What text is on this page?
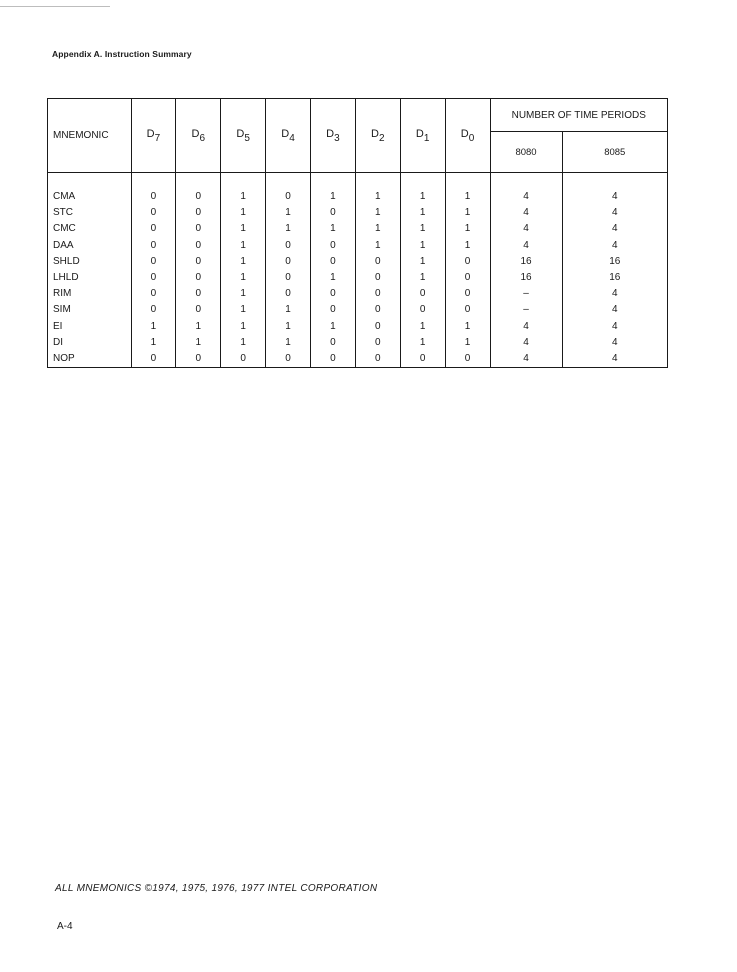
Appendix A. Instruction Summary
MNEMONIC	$D_7$	$D_6$	$D_5$	$D_4$	$D_3$	$D_2$	$D_1$	$D_0$	NUMBER OF TIME PERIODS	
									8080	8085

CMA	0	0	1	0	1	1	1	1	4	4
STC	0	0	1	1	0	1	1	1	4	4
CMC	0	0	1	1	1	1	1	1	4	4
DAA	0	0	1	0	0	1	1	1	4	4
SHLD	0	0	1	0	0	0	1	0	16	16
LHLD	0	0	1	0	1	0	1	0	16	16
RIM	0	0	1	0	0	0	0	0	–	4
SIM	0	0	1	1	0	0	0	0	–	4
EI	1	1	1	1	1	0	1	1	4	4
DI	1	1	1	1	0	0	1	1	4	4
NOP	0	0	0	0	0	0	0	0	4	4
ALL MNEMONICS ©1974, 1975, 1976, 1977 INTEL CORPORATION
A-4
